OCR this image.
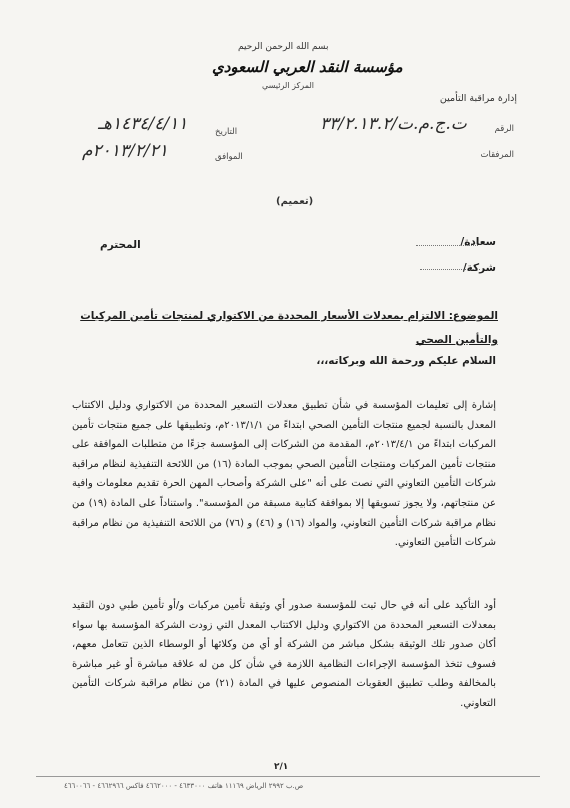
بسم الله الرحمن الرحيم
مؤسسة النقد العربي السعودي
المركز الرئيسي
إدارة مراقبة التأمين
الرقم
ت.ج.م.ت/٣٣/٢.١٣.٢
المرفقات
التاريخ
١٤٣٤/٤/١١هـ
الموافق
٢٠١٣/٢/٢١م
(تعميم)
سعادة/
المحترم
شركة/
الموضوع: الالتزام بمعدلات الأسعار المحددة من الاكتواري لمنتجات تأمين المركبات والتأمين الصحي
السلام عليكم ورحمة الله وبركاته،،،
إشارة إلى تعليمات المؤسسة في شأن تطبيق معدلات التسعير المحددة من الاكتواري ودليل الاكتتاب المعدل بالنسبة لجميع منتجات التأمين الصحي ابتداءً من ٢٠١٣/١/١م، وتطبيقها على جميع منتجات تأمين المركبات ابتداءً من ٢٠١٣/٤/١م، المقدمة من الشركات إلى المؤسسة جزءًا من متطلبات الموافقة على منتجات تأمين المركبات ومنتجات التأمين الصحي بموجب المادة (١٦) من اللائحة التنفيذية لنظام مراقبة شركات التأمين التعاوني التي نصت على أنه "على الشركة وأصحاب المهن الحرة تقديم معلومات وافية عن منتجاتهم، ولا يجوز تسويقها إلا بموافقة كتابية مسبقة من المؤسسة". واستناداً على المادة (١٩) من نظام مراقبة شركات التأمين التعاوني، والمواد (١٦) و (٤٦) و (٧٦) من اللائحة التنفيذية من نظام مراقبة شركات التأمين التعاوني.
أود التأكيد على أنه في حال ثبت للمؤسسة صدور أي وثيقة تأمين مركبات و/أو تأمين طبي دون التقيد بمعدلات التسعير المحددة من الاكتواري ودليل الاكتتاب المعدل التي زودت الشركة المؤسسة بها سواء أكان صدور تلك الوثيقة بشكل مباشر من الشركة أو أي من وكلائها أو الوسطاء الذين تتعامل معهم، فسوف تتخذ المؤسسة الإجراءات النظامية اللازمة في شأن كل من له علاقة مباشرة أو غير مباشرة بالمخالفة وطلب تطبيق العقوبات المنصوص عليها في المادة (٢١) من نظام مراقبة شركات التأمين التعاوني.
٢/١
ص.ب ٢٩٩٢ الرياض ١١١٦٩ هاتف ٤٦٣٣٠٠٠ - ٤٦٦٢٠٠٠ فاكس ٤٦٦٢٩٦٦ - ٤٦٦٠٠٦٦
